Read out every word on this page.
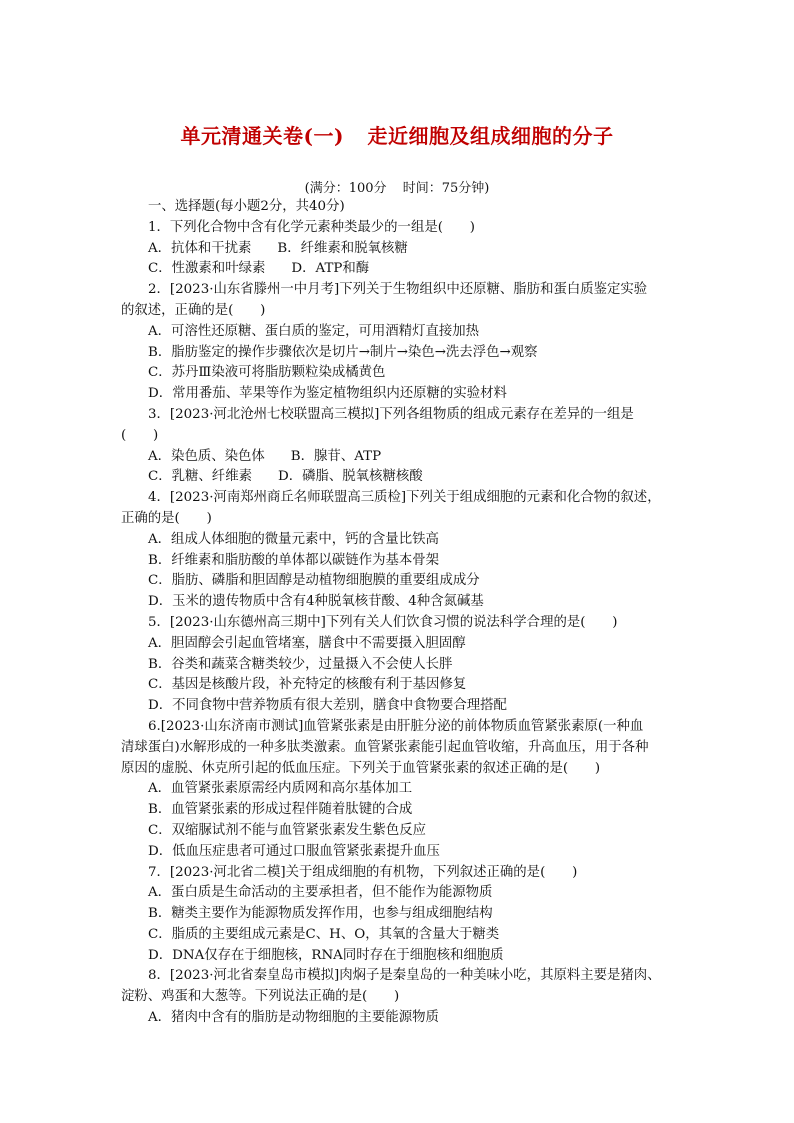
单元清通关卷(一) 走近细胞及组成细胞的分子
(满分：100分 时间：75分钟)
一、选择题(每小题2分，共40分)
1．下列化合物中含有化学元素种类最少的一组是(　　)
A．抗体和干扰素 B．纤维素和脱氧核糖
C．性激素和叶绿素 D．ATP和酶
2．[2023·山东省滕州一中月考]下列关于生物组织中还原糖、脂肪和蛋白质鉴定实验
的叙述，正确的是(　　)
A．可溶性还原糖、蛋白质的鉴定，可用酒精灯直接加热
B．脂肪鉴定的操作步骤依次是切片→制片→染色→洗去浮色→观察
C．苏丹Ⅲ染液可将脂肪颗粒染成橘黄色
D．常用番茄、苹果等作为鉴定植物组织内还原糖的实验材料
3．[2023·河北沧州七校联盟高三模拟]下列各组物质的组成元素存在差异的一组是
(　　)
A．染色质、染色体 B．腺苷、ATP
C．乳糖、纤维素 D．磷脂、脱氧核糖核酸
4．[2023·河南郑州商丘名师联盟高三质检]下列关于组成细胞的元素和化合物的叙述，
正确的是(　　)
A．组成人体细胞的微量元素中，钙的含量比铁高
B．纤维素和脂肪酸的单体都以碳链作为基本骨架
C．脂肪、磷脂和胆固醇是动植物细胞膜的重要组成成分
D．玉米的遗传物质中含有4种脱氧核苷酸、4种含氮碱基
5．[2023·山东德州高三期中]下列有关人们饮食习惯的说法科学合理的是(　　)
A．胆固醇会引起血管堵塞，膳食中不需要摄入胆固醇
B．谷类和蔬菜含糖类较少，过量摄入不会使人长胖
C．基因是核酸片段，补充特定的核酸有利于基因修复
D．不同食物中营养物质有很大差别，膳食中食物要合理搭配
6.[2023·山东济南市测试]血管紧张素是由肝脏分泌的前体物质血管紧张素原(一种血
清球蛋白)水解形成的一种多肽类激素。血管紧张素能引起血管收缩，升高血压，用于各种
原因的虚脱、休克所引起的低血压症。下列关于血管紧张素的叙述正确的是(　　)
A．血管紧张素原需经内质网和高尔基体加工
B．血管紧张素的形成过程伴随着肽键的合成
C．双缩脲试剂不能与血管紧张素发生紫色反应
D．低血压症患者可通过口服血管紧张素提升血压
7．[2023·河北省二模]关于组成细胞的有机物，下列叙述正确的是(　　)
A．蛋白质是生命活动的主要承担者，但不能作为能源物质
B．糖类主要作为能源物质发挥作用，也参与组成细胞结构
C．脂质的主要组成元素是C、H、O，其氧的含量大于糖类
D．DNA仅存在于细胞核，RNA同时存在于细胞核和细胞质
8．[2023·河北省秦皇岛市模拟]肉焖子是秦皇岛的一种美味小吃，其原料主要是猪肉、
淀粉、鸡蛋和大葱等。下列说法正确的是(　　)
A．猪肉中含有的脂肪是动物细胞的主要能源物质
